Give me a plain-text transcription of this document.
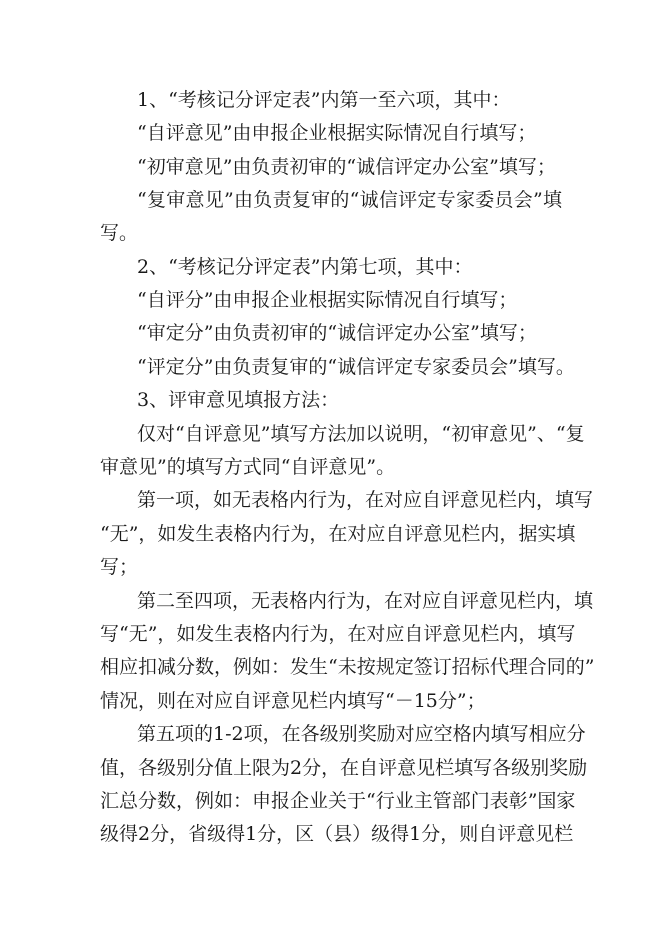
1、“考核记分评定表”内第一至六项，其中：
“自评意见”由申报企业根据实际情况自行填写；
“初审意见”由负责初审的“诚信评定办公室”填写；
“复审意见”由负责复审的“诚信评定专家委员会”填
写。
2、“考核记分评定表”内第七项，其中：
“自评分”由申报企业根据实际情况自行填写；
“审定分”由负责初审的“诚信评定办公室”填写；
“评定分”由负责复审的“诚信评定专家委员会”填写。
3、评审意见填报方法：
仅对“自评意见”填写方法加以说明，“初审意见”、“复
审意见”的填写方式同“自评意见”。
第一项，如无表格内行为，在对应自评意见栏内，填写
“无”，如发生表格内行为，在对应自评意见栏内，据实填
写；
第二至四项，无表格内行为，在对应自评意见栏内，填
写“无”，如发生表格内行为，在对应自评意见栏内，填写
相应扣减分数，例如：发生“未按规定签订招标代理合同的”
情况，则在对应自评意见栏内填写“－15分”；
第五项的1-2项，在各级别奖励对应空格内填写相应分
值，各级别分值上限为2分，在自评意见栏填写各级别奖励
汇总分数，例如：申报企业关于“行业主管部门表彰”国家
级得2分，省级得1分，区（县）级得1分，则自评意见栏
